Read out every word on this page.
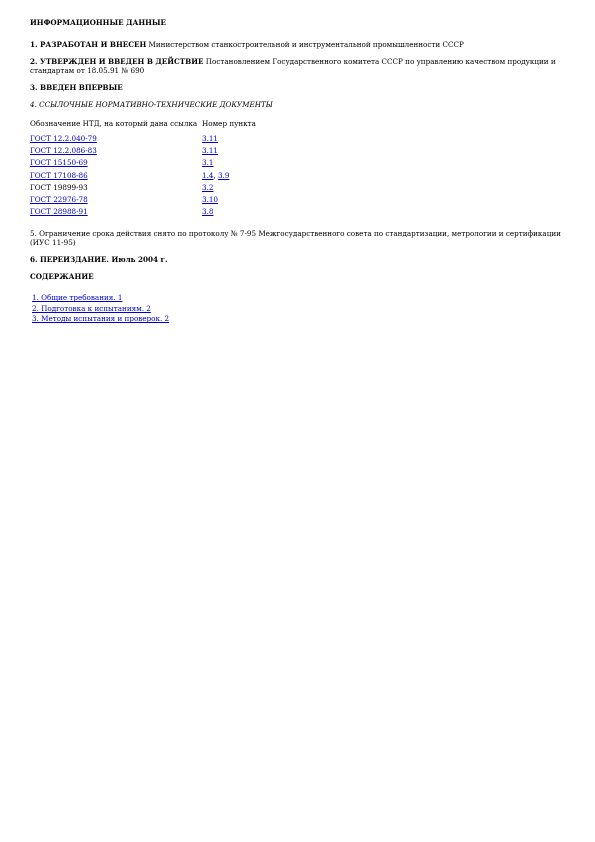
ИНФОРМАЦИОННЫЕ ДАННЫЕ
1. РАЗРАБОТАН И ВНЕСЕН Министерством станкостроительной и инструментальной промышленности СССР
2. УТВЕРЖДЕН И ВВЕДЕН В ДЕЙСТВИЕ Постановлением Государственного комитета СССР по управлению качеством продукции и стандартам от 18.05.91 № 690
3. ВВЕДЕН ВПЕРВЫЕ
4. ССЫЛОЧНЫЕ НОРМАТИВНО-ТЕХНИЧЕСКИЕ ДОКУМЕНТЫ
Обозначение НТД, на который дана ссылка	Номер пункта
ГОСТ 12.2.040-79	3.11
ГОСТ 12.2.086-83	3.11
ГОСТ 15150-69	3.1
ГОСТ 17108-86	1.4, 3.9
ГОСТ 19899-93	3.2
ГОСТ 22976-78	3.10
ГОСТ 28988-91	3.8
5. Ограничение срока действия снято по протоколу № 7-95 Межгосударственного совета по стандартизации, метрологии и сертификации (ИУС 11-95)
6. ПЕРЕИЗДАНИЕ. Июль 2004 г.
СОДЕРЖАНИЕ
1. Общие требования. 1
2. Подготовка к испытаниям. 2
3. Методы испытания и проверок. 2
